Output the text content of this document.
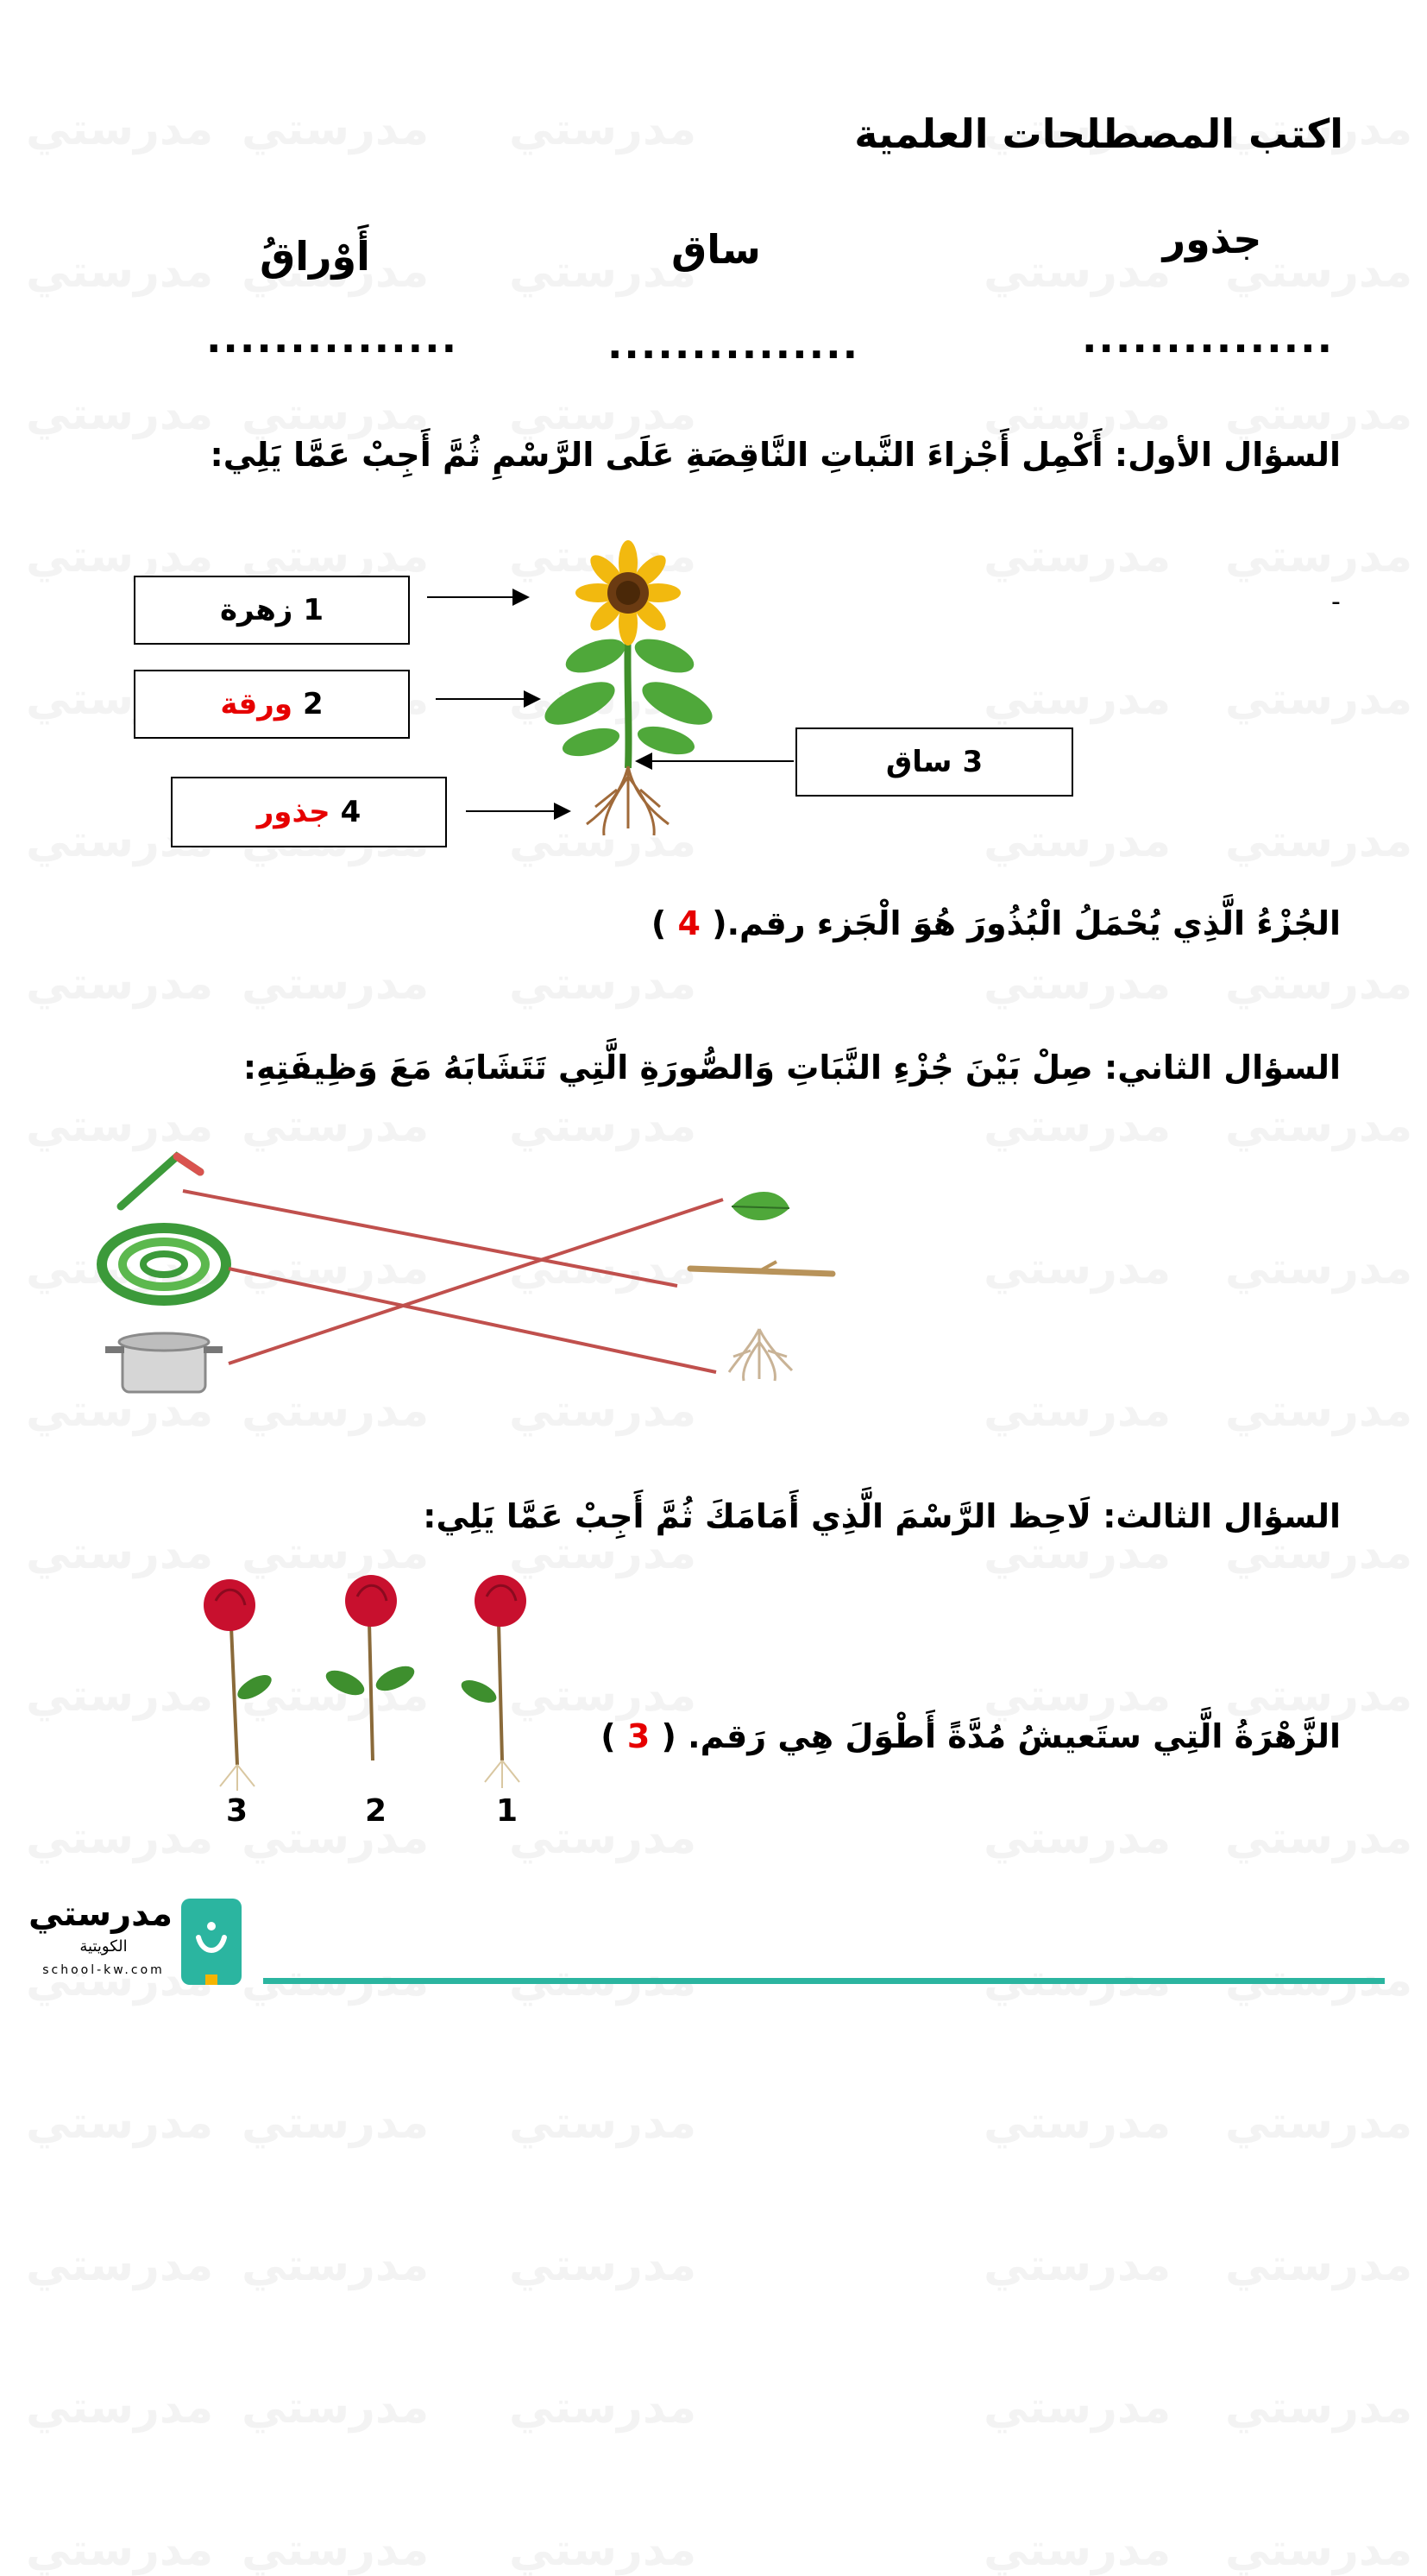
اكتب المصطلحات العلمية
جذور
ساق
أَوْراقُ
...............
...............
...............
السؤال الأول: أَكْمِل أَجْزاءَ النَّباتِ النَّاقِصَةِ عَلَى الرَّسْمِ ثُمَّ أَجِبْ عَمَّا يَلِي:
-
1
زهرة
2
ورقة
3
ساق
4
جذور
الجُزْءُ الَّذِي يُحْمَلُ الْبُذُورَ هُوَ الْجَزء رقم.( 4 )
السؤال الثاني: صِلْ بَيْنَ جُزْءِ النَّبَاتِ وَالصُّورَةِ الَّتِي تَتَشَابَهُ مَعَ وَظِيفَتِهِ:
السؤال الثالث: لَاحِظ الرَّسْمَ الَّذِي أَمَامَكَ ثُمَّ أَجِبْ عَمَّا يَلِي:
3	2	1
الزَّهْرَةُ الَّتِي ستَعيشُ مُدَّةً أَطْوَلَ هِي رَقم. ( 3 )
مدرستي
الكويتية
school-kw.com
